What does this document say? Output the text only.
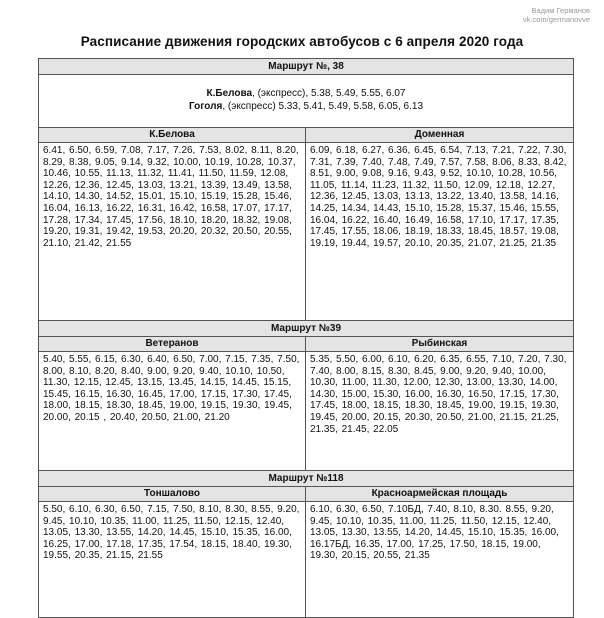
Вадим Германов
vk.com/germanovve
Расписание движения городских автобусов с 6 апреля 2020 года
Маршрут №, 38
К.Белова, (экспресс), 5.38, 5.49, 5.55, 6.07
Гоголя, (экспресс) 5.33, 5.41, 5.49, 5.58, 6.05, 6.13
К.Белова
6.41, 6.50, 6.59, 7.08, 7.17, 7.26, 7.53, 8.02, 8.11, 8.20, 8.29, 8.38, 9.05, 9.14, 9.32, 10.00, 10.19, 10.28, 10.37, 10.46, 10.55, 11.13, 11.32, 11.41, 11.50, 11.59, 12.08, 12.26, 12.36, 12.45, 13.03, 13.21, 13.39, 13.49, 13.58, 14.10, 14.30, 14.52, 15.01, 15.10, 15.19, 15.28, 15.46, 16.04, 16.13, 16.22, 16.31, 16.42, 16.58, 17.07, 17.17, 17.28, 17.34, 17.45, 17.56, 18.10, 18.20, 18.32, 19.08, 19.20, 19.31, 19.42, 19.53, 20.20, 20.32, 20.50, 20.55, 21.10, 21.42, 21.55
Доменная
6.09, 6.18, 6.27, 6.36, 6.45, 6.54, 7.13, 7.21, 7.22, 7.30, 7.31, 7.39, 7.40, 7.48, 7.49, 7.57, 7.58, 8.06, 8.33, 8.42, 8.51, 9.00, 9.08, 9.16, 9.43, 9.52, 10.10, 10.28, 10.56, 11.05, 11.14, 11.23, 11.32, 11.50, 12.09, 12.18, 12.27, 12.36, 12.45, 13.03, 13.13, 13.22, 13.40, 13.58, 14.16, 14.25, 14.34, 14.43, 15.10, 15.28, 15.37, 15.46, 15.55, 16.04, 16.22, 16.40, 16.49, 16.58, 17.10, 17.17, 17.35, 17.45, 17.55, 18.06, 18.19, 18.33, 18.45, 18.57, 19.08, 19.19, 19.44, 19.57, 20.10, 20.35, 21.07, 21.25, 21.35
Маршрут №39
Ветеранов
5.40, 5.55, 6.15, 6.30, 6.40, 6.50, 7.00, 7.15, 7.35, 7.50, 8.00, 8.10, 8.20, 8.40, 9.00, 9.20, 9.40, 10.10, 10.50, 11.30, 12.15, 12.45, 13.15, 13.45, 14.15, 14.45, 15.15, 15.45, 16.15, 16.30, 16.45, 17.00, 17.15, 17.30, 17.45, 18.00, 18.15, 18.30, 18.45, 19.00, 19.15, 19.30, 19.45, 20.00, 20.15 , 20.40, 20.50, 21.00, 21.20
Рыбинская
5.35, 5.50, 6.00, 6.10, 6.20, 6.35, 6.55, 7.10, 7.20, 7.30, 7.40, 8.00, 8.15, 8.30, 8.45, 9.00, 9.20, 9.40, 10.00, 10.30, 11.00, 11.30, 12.00, 12.30, 13.00, 13.30, 14.00, 14.30, 15.00, 15.30, 16.00, 16.30, 16.50, 17.15, 17.30, 17.45, 18.00, 18.15, 18.30, 18.45, 19.00, 19.15, 19.30, 19.45, 20.00, 20.15, 20.30, 20.50, 21.00, 21.15, 21.25, 21.35, 21.45, 22.05
Маршрут №118
Тоншалово
5.50, 6.10, 6.30, 6.50, 7.15, 7.50, 8.10, 8.30, 8.55, 9.20, 9.45, 10.10, 10.35, 11.00, 11.25, 11.50, 12.15, 12.40, 13.05, 13.30, 13.55, 14.20, 14.45, 15.10, 15.35, 16.00, 16.25, 17.00, 17.18, 17.35, 17.54, 18.15, 18.40, 19.30, 19.55, 20.35, 21.15, 21.55
Красноармейская площадь
6.10, 6.30, 6.50, 7.10БД, 7.40, 8.10, 8.30. 8.55, 9.20, 9.45, 10.10, 10.35, 11.00, 11.25, 11.50, 12.15, 12.40, 13.05, 13.30, 13.55, 14.20, 14.45, 15.10, 15.35, 16.00, 16.17БД, 16.35, 17.00, 17.25, 17.50, 18.15, 19.00, 19.30, 20.15, 20.55, 21.35
